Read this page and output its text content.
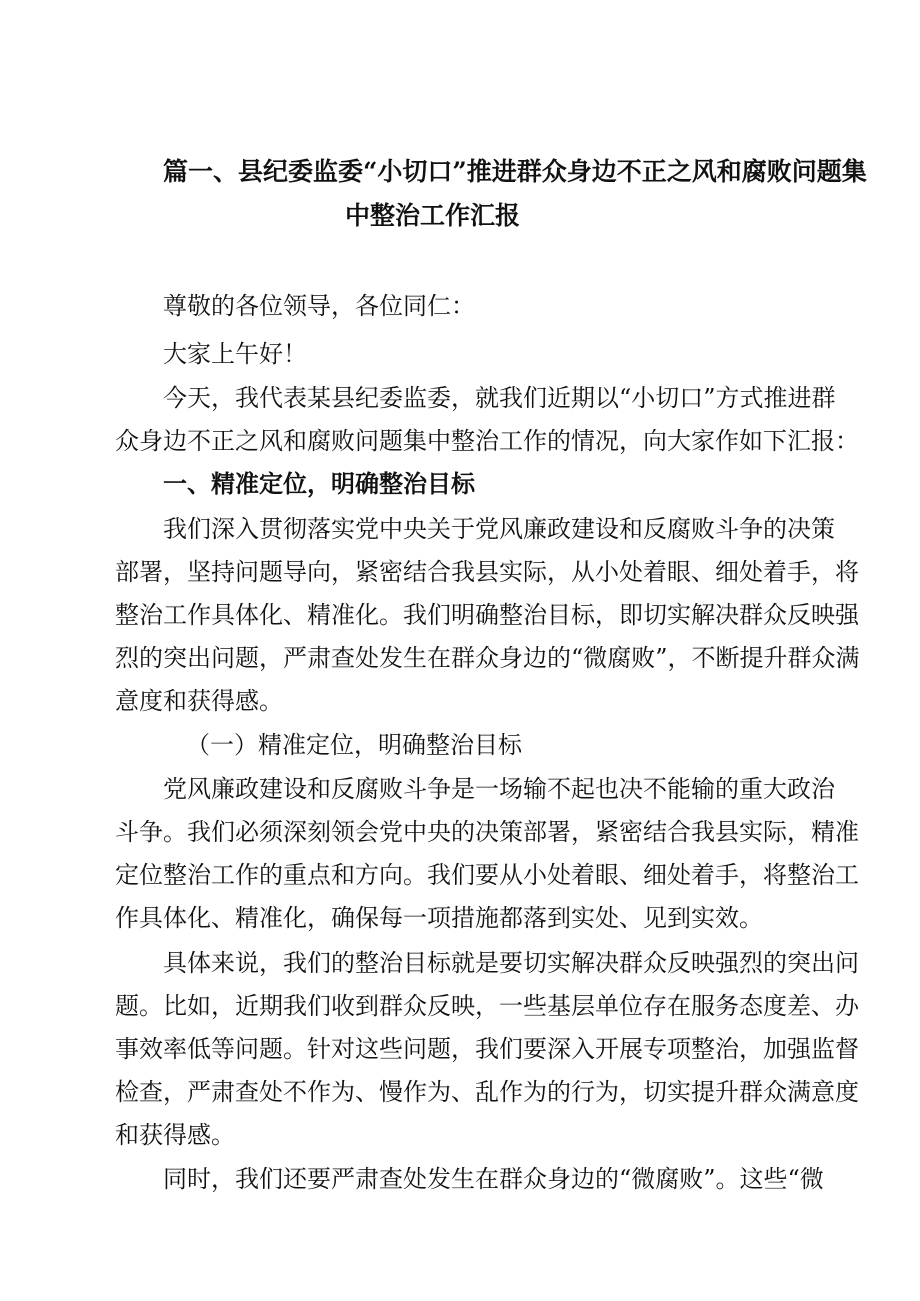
篇一、县纪委监委“小切口”推进群众身边不正之风和腐败问题集
中整治工作汇报
尊敬的各位领导，各位同仁：
大家上午好！
今天，我代表某县纪委监委，就我们近期以“小切口”方式推进群
众身边不正之风和腐败问题集中整治工作的情况，向大家作如下汇报：
一、精准定位，明确整治目标
我们深入贯彻落实党中央关于党风廉政建设和反腐败斗争的决策
部署，坚持问题导向，紧密结合我县实际，从小处着眼、细处着手，将
整治工作具体化、精准化。我们明确整治目标，即切实解决群众反映强
烈的突出问题，严肃查处发生在群众身边的“微腐败”，不断提升群众满
意度和获得感。
（一）精准定位，明确整治目标
党风廉政建设和反腐败斗争是一场输不起也决不能输的重大政治
斗争。我们必须深刻领会党中央的决策部署，紧密结合我县实际，精准
定位整治工作的重点和方向。我们要从小处着眼、细处着手，将整治工
作具体化、精准化，确保每一项措施都落到实处、见到实效。
具体来说，我们的整治目标就是要切实解决群众反映强烈的突出问
题。比如，近期我们收到群众反映，一些基层单位存在服务态度差、办
事效率低等问题。针对这些问题，我们要深入开展专项整治，加强监督
检查，严肃查处不作为、慢作为、乱作为的行为，切实提升群众满意度
和获得感。
同时，我们还要严肃查处发生在群众身边的“微腐败”。这些“微
